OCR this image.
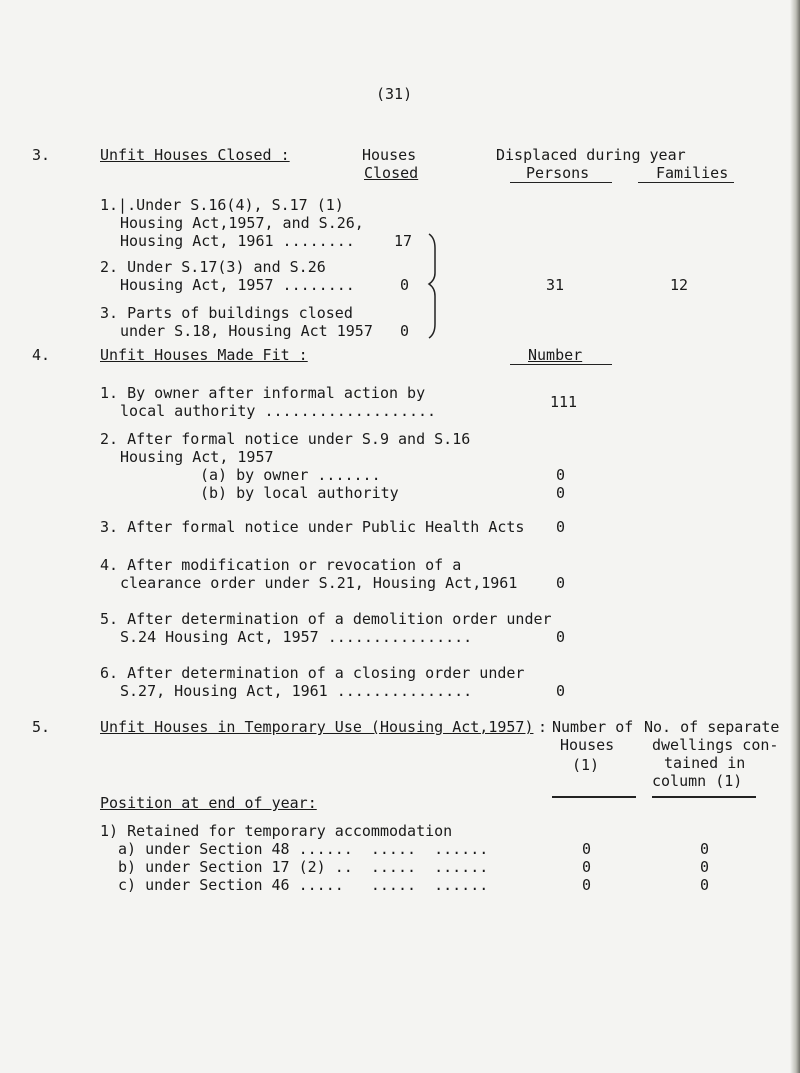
(31)
3.	Unfit Houses Closed :	Houses
Closed
Displaced during year
Persons	Families
1.|.Under S.16(4), S.17 (1)
Housing Act,1957, and S.26,
Housing Act, 1961 ........	17
2. Under S.17(3) and S.26
Housing Act, 1957 ........	0
3. Parts of buildings closed
under S.18, Housing Act 1957 0
31	12
4.	Unfit Houses Made Fit :	Number
1. By owner after informal action by
local authority ...................	111
2. After formal notice under S.9 and S.16
Housing Act, 1957
(a) by owner .......	0
(b) by local authority	0
3. After formal notice under Public Health Acts 0
4. After modification or revocation of a
clearance order under S.21, Housing Act,1961	0
5. After determination of a demolition order under
S.24 Housing Act, 1957 ................	0
6. After determination of a closing order under
S.27, Housing Act, 1961 ...............	0
5.	Unfit Houses in Temporary Use (Housing Act,1957) : Number of
Houses
(1)
No. of separate
dwellings con-
tained in
column (1)
Position at end of year:
1) Retained for temporary accommodation
a) under Section 48 ......  .....  ......	0	0
b) under Section 17 (2) ..  .....  ......	0	0
c) under Section 46 .....   .....  ......	0	0
